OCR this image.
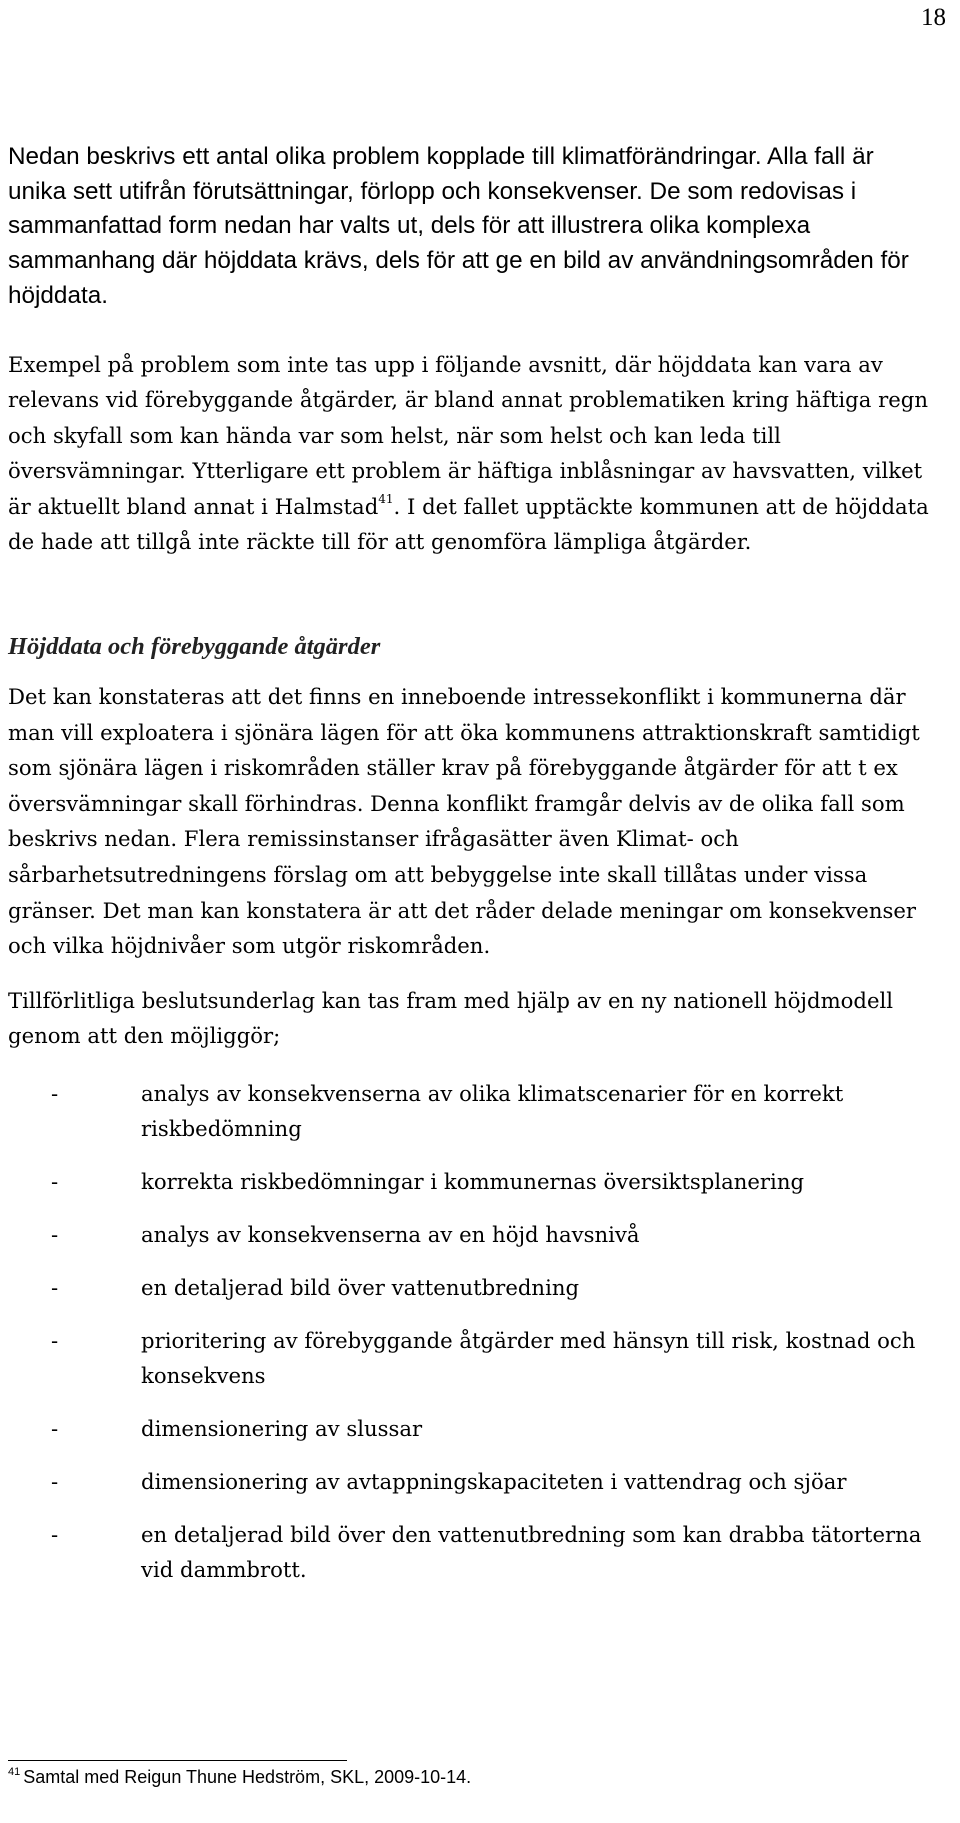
18

Nedan beskrivs ett antal olika problem kopplade till klimatförändringar. Alla fall är unika sett utifrån förutsättningar, förlopp och konsekvenser. De som redovisas i sammanfattad form nedan har valts ut, dels för att illustrera olika komplexa sammanhang där höjddata krävs, dels för att ge en bild av användningsområden för höjddata.

Exempel på problem som inte tas upp i följande avsnitt, där höjddata kan vara av relevans vid förebyggande åtgärder, är bland annat problematiken kring häftiga regn och skyfall som kan hända var som helst, när som helst och kan leda till översvämningar. Ytterligare ett problem är häftiga inblåsningar av havsvatten, vilket är aktuellt bland annat i Halmstad$^{41}$. I det fallet upptäckte kommunen att de höjddata de hade att tillgå inte räckte till för att genomföra lämpliga åtgärder.

Höjddata och förebyggande åtgärder

Det kan konstateras att det finns en inneboende intressekonflikt i kommunerna där man vill exploatera i sjönära lägen för att öka kommunens attraktionskraft samtidigt som sjönära lägen i riskområden ställer krav på förebyggande åtgärder för att t ex översvämningar skall förhindras. Denna konflikt framgår delvis av de olika fall som beskrivs nedan. Flera remissinstanser ifrågasätter även Klimat- och sårbarhetsutredningens förslag om att bebyggelse inte skall tillåtas under vissa gränser. Det man kan konstatera är att det råder delade meningar om konsekvenser och vilka höjdnivåer som utgör riskområden.

Tillförlitliga beslutsunderlag kan tas fram med hjälp av en ny nationell höjdmodell genom att den möjliggör;

-	analys av konsekvenserna av olika klimatscenarier för en korrekt riskbedömning
-	korrekta riskbedömningar i kommunernas översiktsplanering
-	analys av konsekvenserna av en höjd havsnivå
-	en detaljerad bild över vattenutbredning
-	prioritering av förebyggande åtgärder med hänsyn till risk, kostnad och konsekvens
-	dimensionering av slussar
-	dimensionering av avtappningskapaciteten i vattendrag och sjöar
-	en detaljerad bild över den vattenutbredning som kan drabba tätorterna vid dammbrott.
$^{41}$ Samtal med Reigun Thune Hedström, SKL, 2009-10-14.
